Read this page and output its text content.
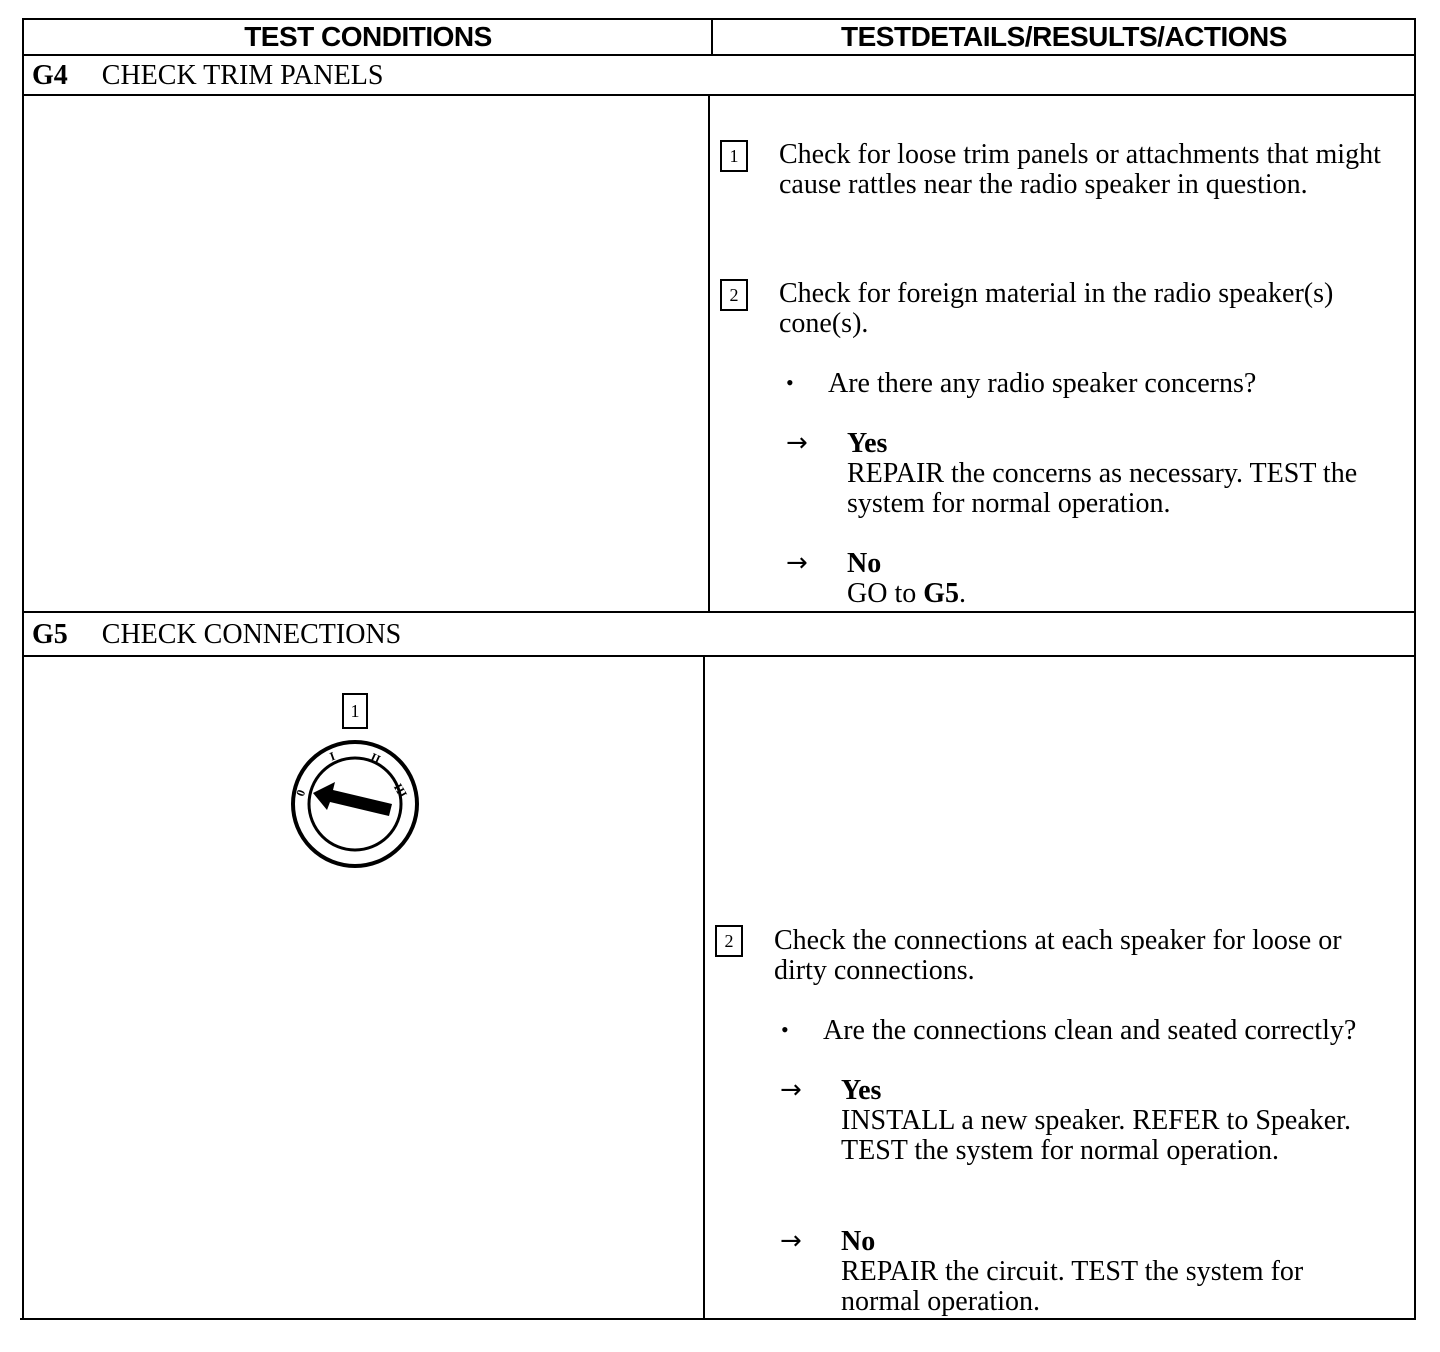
TEST CONDITIONS	TESTDETAILS/RESULTS/ACTIONS
G4 CHECK TRIM PANELS
1	Check for loose trim panels or attachments that might cause rattles near the radio speaker in question.
2	Check for foreign material in the radio speaker(s) cone(s).
• Are there any radio speaker concerns?
→ Yes
REPAIR the concerns as necessary. TEST the system for normal operation.
→ No
GO to G5.
G5 CHECK CONNECTIONS
1
0
I	II
III
2	Check the connections at each speaker for loose or dirty connections.
• Are the connections clean and seated correctly?
→ Yes
INSTALL a new speaker. REFER to Speaker. TEST the system for normal operation.
→ No
REPAIR the circuit. TEST the system for normal operation.
